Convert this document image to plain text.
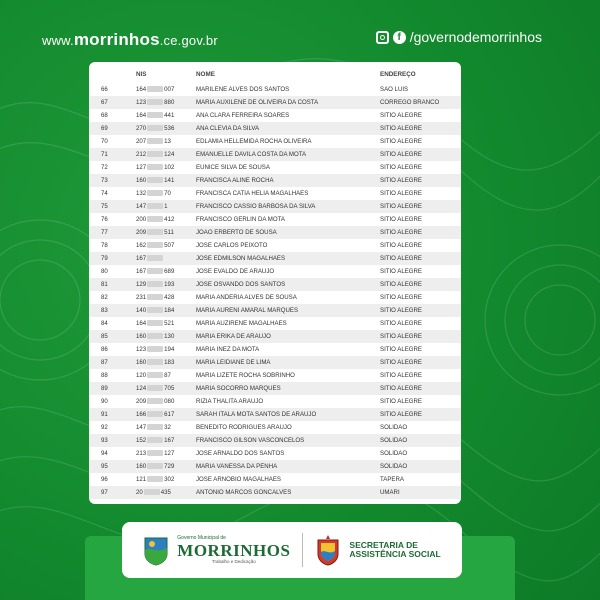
www.morrinhos.ce.gov.br	f /governodemorrinhos
	NIS	NOME	ENDEREÇO
66	164 007	MARILENE ALVES DOS SANTOS	SAO LUIS
67	123 880	MARIA AUXILENE DE OLIVEIRA DA COSTA	CORREGO BRANCO
68	164 441	ANA CLARA FERREIRA SOARES	SITIO ALEGRE
69	270 536	ANA CLEVIA DA SILVA	SITIO ALEGRE
70	207 13	EDLAMIA HELLEMIDA ROCHA OLIVEIRA	SITIO ALEGRE
71	212 124	EMANUELLE DAVILA COSTA DA MOTA	SITIO ALEGRE
72	127 102	EUNICE SILVA DE SOUSA	SITIO ALEGRE
73	160 141	FRANCISCA ALINE ROCHA	SITIO ALEGRE
74	132 70	FRANCISCA CATIA HELIA MAGALHAES	SITIO ALEGRE
75	147 1	FRANCISCO CASSIO BARBOSA DA SILVA	SITIO ALEGRE
76	200 412	FRANCISCO GERLIN DA MOTA	SITIO ALEGRE
77	209 511	JOAO ERBERTO DE SOUSA	SITIO ALEGRE
78	162 507	JOSE CARLOS PEIXOTO	SITIO ALEGRE
79	167	JOSE EDMILSON MAGALHAES	SITIO ALEGRE
80	167 689	JOSE EVALDO DE ARAUJO	SITIO ALEGRE
81	129 193	JOSE OSVANDO DOS SANTOS	SITIO ALEGRE
82	231 428	MARIA ANDERIA ALVES DE SOUSA	SITIO ALEGRE
83	140 184	MARIA AURENI AMARAL MARQUES	SITIO ALEGRE
84	164 521	MARIA AUZIRENE MAGALHAES	SITIO ALEGRE
85	160 130	MARIA ERIKA DE ARAUJO	SITIO ALEGRE
86	123 194	MARIA INEZ DA MOTA	SITIO ALEGRE
87	160 183	MARIA LEIDIANE DE LIMA	SITIO ALEGRE
88	120 87	MARIA LIZETE ROCHA SOBRINHO	SITIO ALEGRE
89	124 705	MARIA SOCORRO MARQUES	SITIO ALEGRE
90	209 080	RIZIA THALITA ARAUJO	SITIO ALEGRE
91	166 617	SARAH ITALA MOTA SANTOS DE ARAUJO	SITIO ALEGRE
92	147 32	BENEDITO RODRIGUES ARAUJO	SOLIDAO
93	152 167	FRANCISCO GILSON VASCONCELOS	SOLIDAO
94	213 127	JOSE ARNALDO DOS SANTOS	SOLIDAO
95	160 729	MARIA VANESSA DA PENHA	SOLIDAO
96	121 302	JOSE ARNOBIO MAGALHAES	TAPERA
97	20 435	ANTONIO MARCOS GONCALVES	UMARI
Governo Municipal de
MORRINHOS
Trabalho e Dedicação
SECRETARIA DE
ASSISTÊNCIA SOCIAL
